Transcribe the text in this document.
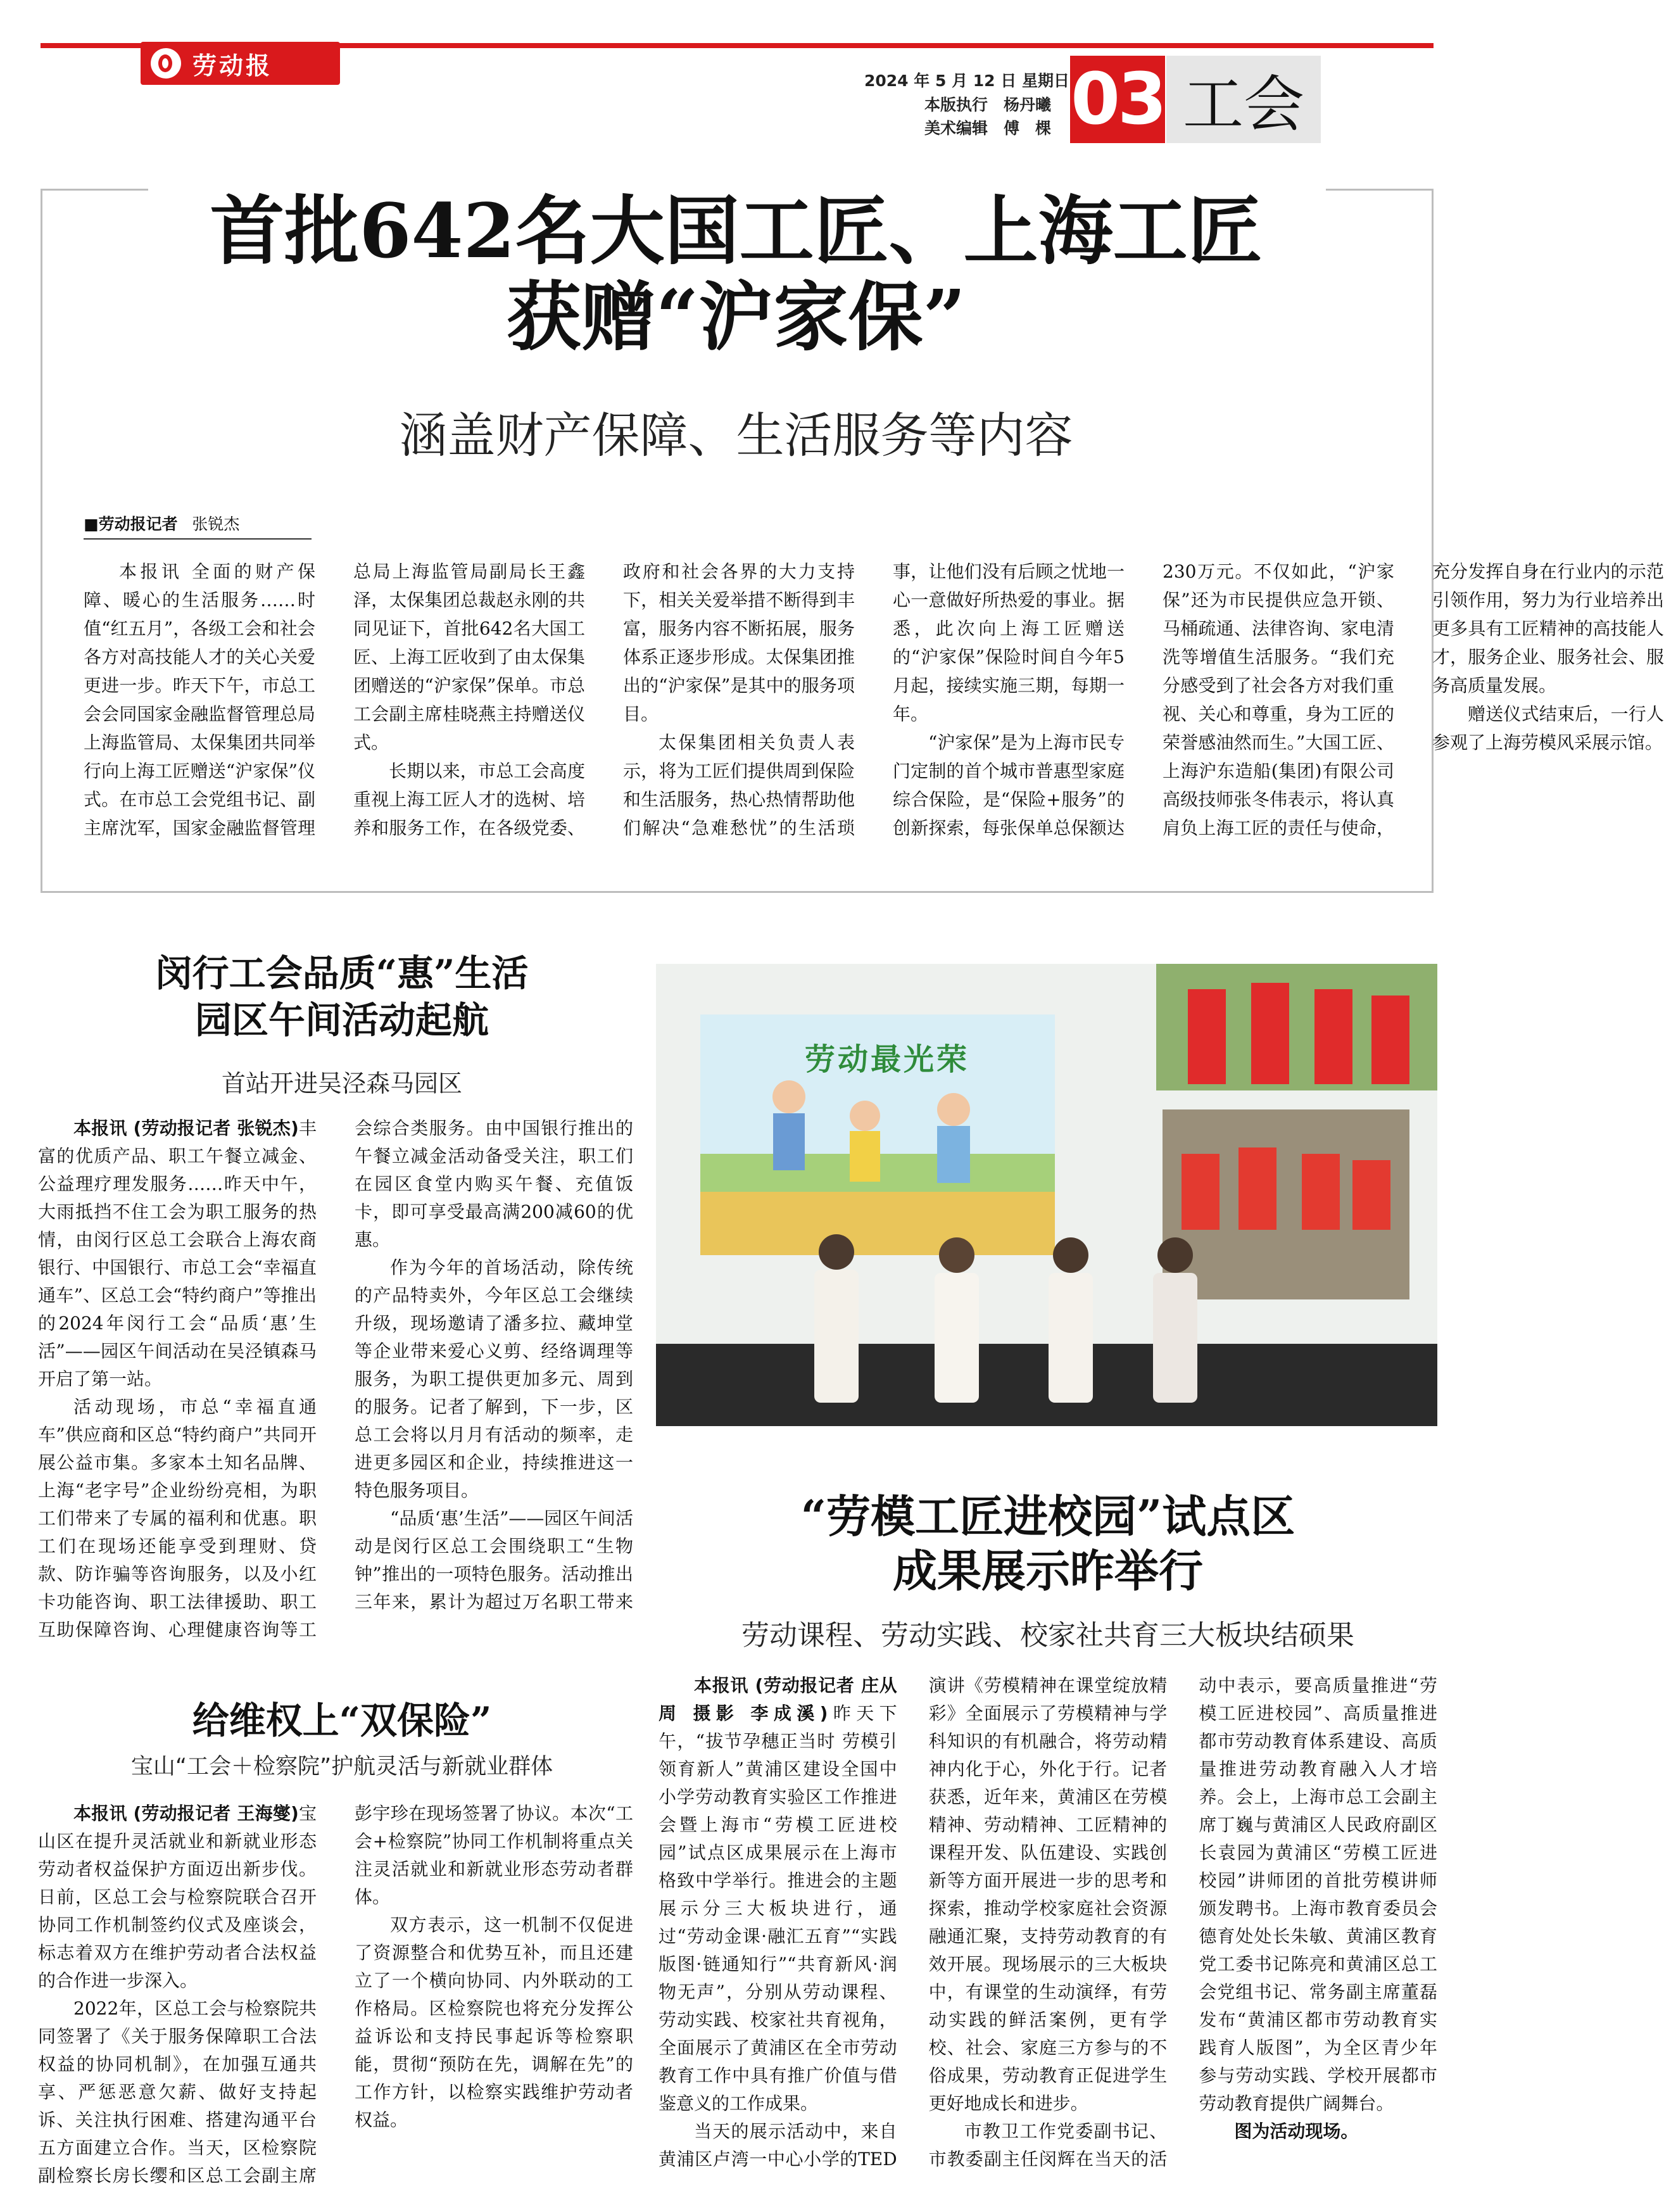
劳动报
2024 年 5 月 12 日 星期日
本版执行　 杨丹曦
美术编辑　 傅　棵 03 工会
首批642名大国工匠、上海工匠
获赠“沪家保”
涵盖财产保障、生活服务等内容
■劳动报记者 张锐杰

本报讯 全面的财产保障、暖心的生活服务……时值“红五月”，各级工会和社会各方对高技能人才的关心关爱更进一步。昨天下午，市总工会会同国家金融监督管理总局上海监管局、太保集团共同举行向上海工匠赠送“沪家保”仪式。在市总工会党组书记、副主席沈军，国家金融监督管理总局上海监管局副局长王鑫泽，太保集团总裁赵永刚的共同见证下，首批642名大国工匠、上海工匠收到了由太保集团赠送的“沪家保”保单。市总工会副主席桂晓燕主持赠送仪式。

长期以来，市总工会高度重视上海工匠人才的选树、培养和服务工作，在各级党委、政府和社会各界的大力支持下，相关关爱举措不断得到丰富，服务内容不断拓展，服务体系正逐步形成。太保集团推出的“沪家保”是其中的服务项目。

太保集团相关负责人表示，将为工匠们提供周到保险和生活服务，热心热情帮助他们解决“急难愁忧”的生活琐事，让他们没有后顾之忧地一心一意做好所热爱的事业。据悉，此次向上海工匠赠送的“沪家保”保险时间自今年5月起，接续实施三期，每期一年。

“沪家保”是为上海市民专门定制的首个城市普惠型家庭综合保险，是“保险+服务”的创新探索，每张保单总保额达230万元。不仅如此，“沪家保”还为市民提供应急开锁、马桶疏通、法律咨询、家电清洗等增值生活服务。“我们充分感受到了社会各方对我们重视、关心和尊重，身为工匠的荣誉感油然而生。”大国工匠、上海沪东造船(集团)有限公司高级技师张冬伟表示，将认真肩负上海工匠的责任与使命，充分发挥自身在行业内的示范引领作用，努力为行业培养出更多具有工匠精神的高技能人才，服务企业、服务社会、服务高质量发展。

赠送仪式结束后，一行人参观了上海劳模风采展示馆。

闵行工会品质“惠”生活
园区午间活动起航
首站开进吴泾森马园区

本报讯 (劳动报记者 张锐杰)丰富的优质产品、职工午餐立减金、公益理疗理发服务……昨天中午，大雨抵挡不住工会为职工服务的热情，由闵行区总工会联合上海农商银行、中国银行、市总工会“幸福直通车”、区总工会“特约商户”等推出的2024年闵行工会“品质‘惠’生活”——园区午间活动在吴泾镇森马开启了第一站。

活动现场，市总“幸福直通车”供应商和区总“特约商户”共同开展公益市集。多家本土知名品牌、上海“老字号”企业纷纷亮相，为职工们带来了专属的福利和优惠。职工们在现场还能享受到理财、贷款、防诈骗等咨询服务，以及小红卡功能咨询、职工法律援助、职工互助保障咨询、心理健康咨询等工会综合类服务。由中国银行推出的午餐立减金活动备受关注，职工们在园区食堂内购买午餐、充值饭卡，即可享受最高满200减60的优惠。

作为今年的首场活动，除传统的产品特卖外，今年区总工会继续升级，现场邀请了潘多拉、藏坤堂等企业带来爱心义剪、经络调理等服务，为职工提供更加多元、周到的服务。记者了解到，下一步，区总工会将以月月有活动的频率，走进更多园区和企业，持续推进这一特色服务项目。

“品质‘惠’生活”——园区午间活动是闵行区总工会围绕职工“生物钟”推出的一项特色服务。活动推出三年来，累计为超过万名职工带来

给维权上“双保险”
宝山“工会＋检察院”护航灵活与新就业群体

本报讯 (劳动报记者 王海燮)宝山区在提升灵活就业和新就业形态劳动者权益保护方面迈出新步伐。日前，区总工会与检察院联合召开协同工作机制签约仪式及座谈会，标志着双方在维护劳动者合法权益的合作进一步深入。

2022年，区总工会与检察院共同签署了《关于服务保障职工合法权益的协同机制》，在加强互通共享、严惩恶意欠薪、做好支持起诉、关注执行困难、搭建沟通平台五方面建立合作。当天，区检察院副检察长房长缨和区总工会副主席彭宇珍在现场签署了协议。本次“工会+检察院”协同工作机制将重点关注灵活就业和新就业形态劳动者群体。

双方表示，这一机制不仅促进了资源整合和优势互补，而且还建立了一个横向协同、内外联动的工作格局。区检察院也将充分发挥公益诉讼和支持民事起诉等检察职能，贯彻“预防在先，调解在先”的工作方针，以检察实践维护劳动者权益。

劳动最光荣
“劳模工匠进校园”试点区
成果展示昨举行
劳动课程、劳动实践、校家社共育三大板块结硕果

本报讯 (劳动报记者 庄从周 摄影 李成溪)昨天下午，“拔节孕穗正当时 劳模引领育新人”黄浦区建设全国中小学劳动教育实验区工作推进会暨上海市“劳模工匠进校园”试点区成果展示在上海市格致中学举行。推进会的主题展示分三大板块进行，通过“劳动金课·融汇五育”“实践版图·链通知行”“共育新风·润物无声”，分别从劳动课程、劳动实践、校家社共育视角，全面展示了黄浦区在全市劳动教育工作中具有推广价值与借鉴意义的工作成果。

当天的展示活动中，来自黄浦区卢湾一中心小学的TED演讲《劳模精神在课堂绽放精彩》全面展示了劳模精神与学科知识的有机融合，将劳动精神内化于心，外化于行。记者获悉，近年来，黄浦区在劳模精神、劳动精神、工匠精神的课程开发、队伍建设、实践创新等方面开展进一步的思考和探索，推动学校家庭社会资源融通汇聚，支持劳动教育的有效开展。现场展示的三大板块中，有课堂的生动演绎，有劳动实践的鲜活案例，更有学校、社会、家庭三方参与的不俗成果，劳动教育正促进学生更好地成长和进步。

市教卫工作党委副书记、市教委副主任闵辉在当天的活动中表示，要高质量推进“劳模工匠进校园”、高质量推进都市劳动教育体系建设、高质量推进劳动教育融入人才培养。会上，上海市总工会副主席丁巍与黄浦区人民政府副区长袁园为黄浦区“劳模工匠进校园”讲师团的首批劳模讲师颁发聘书。上海市教育委员会德育处处长朱敏、黄浦区教育党工委书记陈亮和黄浦区总工会党组书记、常务副主席董磊发布“黄浦区都市劳动教育实践育人版图”，为全区青少年参与劳动实践、学校开展都市劳动教育提供广阔舞台。

图为活动现场。
